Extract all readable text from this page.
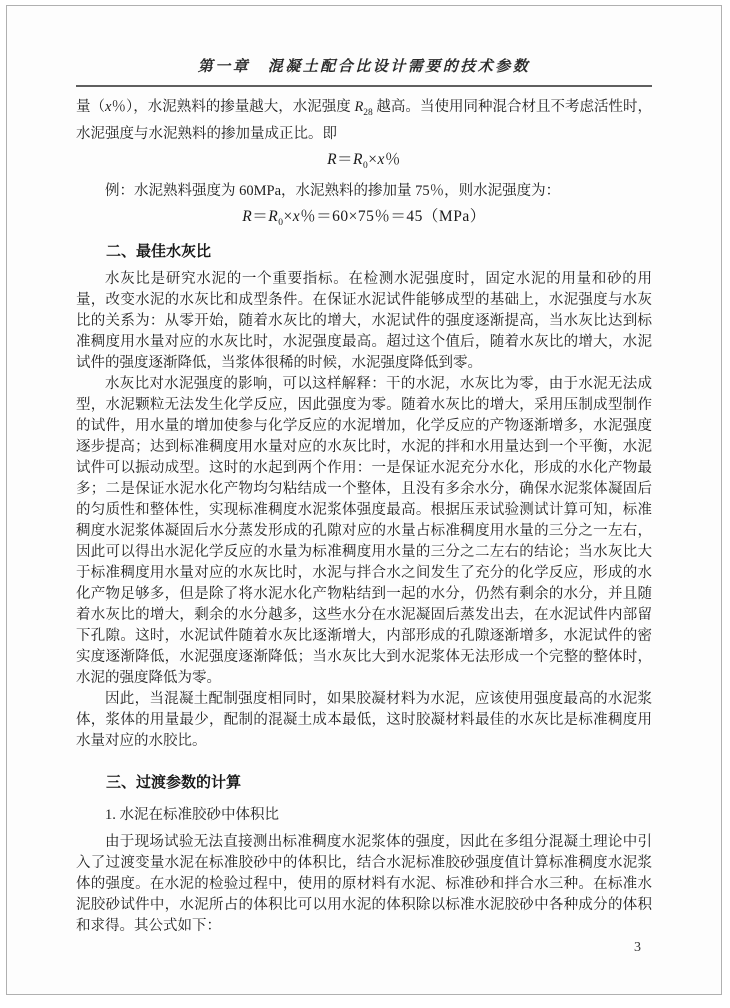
第一章　混凝土配合比设计需要的技术参数

量（x％），水泥熟料的掺量越大，水泥强度 $R_{28}$ 越高。当使用同种混合材且不考虑活性时，水泥强度与水泥熟料的掺加量成正比。即

$R=R_0\times x$％

例：水泥熟料强度为 60MPa，水泥熟料的掺加量 75％，则水泥强度为：

$R=R_0\times x$％＝60×75％＝45（MPa）
二、最佳水灰比

水灰比是研究水泥的一个重要指标。在检测水泥强度时，固定水泥的用量和砂的用量，改变水泥的水灰比和成型条件。在保证水泥试件能够成型的基础上，水泥强度与水灰比的关系为：从零开始，随着水灰比的增大，水泥试件的强度逐渐提高，当水灰比达到标准稠度用水量对应的水灰比时，水泥强度最高。超过这个值后，随着水灰比的增大，水泥试件的强度逐渐降低，当浆体很稀的时候，水泥强度降低到零。

水灰比对水泥强度的影响，可以这样解释：干的水泥，水灰比为零，由于水泥无法成型，水泥颗粒无法发生化学反应，因此强度为零。随着水灰比的增大，采用压制成型制作的试件，用水量的增加使参与化学反应的水泥增加，化学反应的产物逐渐增多，水泥强度逐步提高；达到标准稠度用水量对应的水灰比时，水泥的拌和水用量达到一个平衡，水泥试件可以振动成型。这时的水起到两个作用：一是保证水泥充分水化，形成的水化产物最多；二是保证水泥水化产物均匀粘结成一个整体，且没有多余水分，确保水泥浆体凝固后的匀质性和整体性，实现标准稠度水泥浆体强度最高。根据压汞试验测试计算可知，标准稠度水泥浆体凝固后水分蒸发形成的孔隙对应的水量占标准稠度用水量的三分之一左右，因此可以得出水泥化学反应的水量为标准稠度用水量的三分之二左右的结论；当水灰比大于标准稠度用水量对应的水灰比时，水泥与拌合水之间发生了充分的化学反应，形成的水化产物足够多，但是除了将水泥水化产物粘结到一起的水分，仍然有剩余的水分，并且随着水灰比的增大，剩余的水分越多，这些水分在水泥凝固后蒸发出去，在水泥试件内部留下孔隙。这时，水泥试件随着水灰比逐渐增大，内部形成的孔隙逐渐增多，水泥试件的密实度逐渐降低，水泥强度逐渐降低；当水灰比大到水泥浆体无法形成一个完整的整体时，水泥的强度降低为零。

因此，当混凝土配制强度相同时，如果胶凝材料为水泥，应该使用强度最高的水泥浆体，浆体的用量最少，配制的混凝土成本最低，这时胶凝材料最佳的水灰比是标准稠度用水量对应的水胶比。

三、过渡参数的计算

1. 水泥在标准胶砂中体积比

由于现场试验无法直接测出标准稠度水泥浆体的强度，因此在多组分混凝土理论中引入了过渡变量水泥在标准胶砂中的体积比，结合水泥标准胶砂强度值计算标准稠度水泥浆体的强度。在水泥的检验过程中，使用的原材料有水泥、标准砂和拌合水三种。在标准水泥胶砂试件中，水泥所占的体积比可以用水泥的体积除以标准水泥胶砂中各种成分的体积和求得。其公式如下：

3
